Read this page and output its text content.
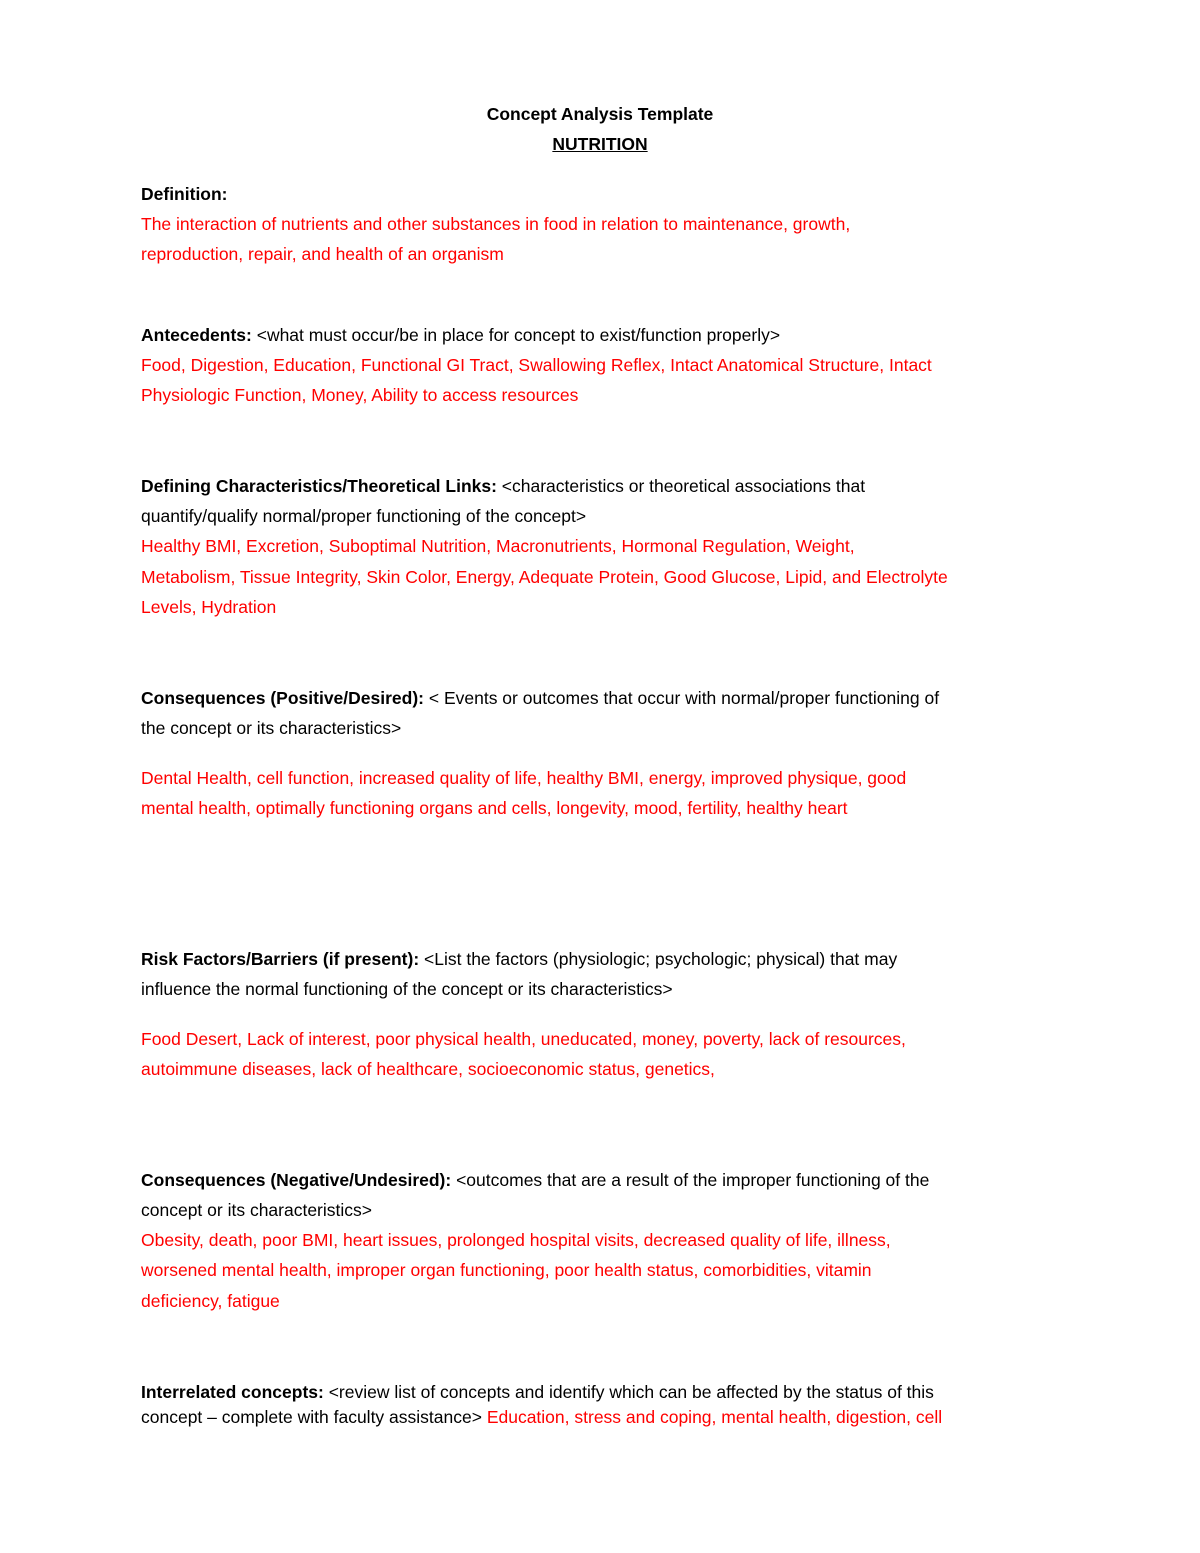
Concept Analysis Template
NUTRITION
Definition:
The interaction of nutrients and other substances in food in relation to maintenance, growth,
reproduction, repair, and health of an organism
Antecedents: <what must occur/be in place for concept to exist/function properly>
Food, Digestion, Education, Functional GI Tract, Swallowing Reflex, Intact Anatomical Structure, Intact
Physiologic Function, Money, Ability to access resources
Defining Characteristics/Theoretical Links: <characteristics or theoretical associations that
quantify/qualify normal/proper functioning of the concept>
Healthy BMI, Excretion, Suboptimal Nutrition, Macronutrients, Hormonal Regulation, Weight,
Metabolism, Tissue Integrity, Skin Color, Energy, Adequate Protein, Good Glucose, Lipid, and Electrolyte
Levels, Hydration
Consequences (Positive/Desired): < Events or outcomes that occur with normal/proper functioning of
the concept or its characteristics>
Dental Health, cell function, increased quality of life, healthy BMI, energy, improved physique, good
mental health, optimally functioning organs and cells, longevity, mood, fertility, healthy heart
Risk Factors/Barriers (if present): <List the factors (physiologic; psychologic; physical) that may
influence the normal functioning of the concept or its characteristics>
Food Desert, Lack of interest, poor physical health, uneducated, money, poverty, lack of resources,
autoimmune diseases, lack of healthcare, socioeconomic status, genetics,
Consequences (Negative/Undesired): <outcomes that are a result of the improper functioning of the
concept or its characteristics>
Obesity, death, poor BMI, heart issues, prolonged hospital visits, decreased quality of life, illness,
worsened mental health, improper organ functioning, poor health status, comorbidities, vitamin
deficiency, fatigue
Interrelated concepts: <review list of concepts and identify which can be affected by the status of this
concept – complete with faculty assistance> Education, stress and coping, mental health, digestion, cell
